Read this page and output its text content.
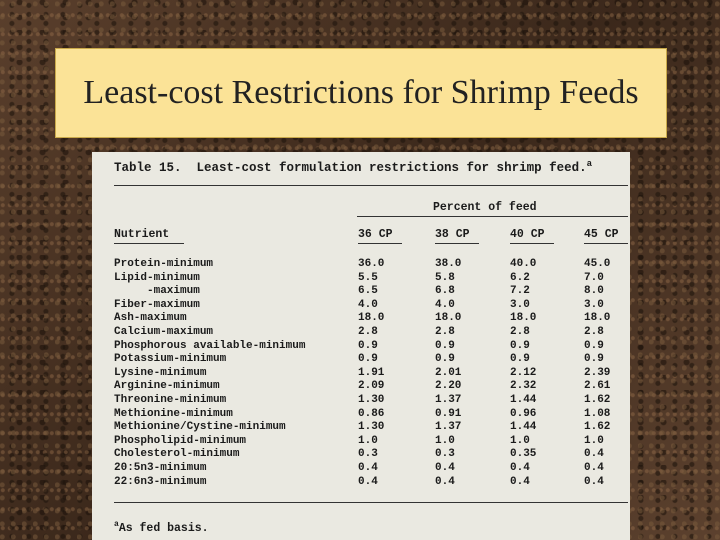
Least-cost Restrictions for Shrimp Feeds
Table 15.  Least-cost formulation restrictions for shrimp feed.$^a$
Percent of feed
Nutrient	36 CP	38 CP	40 CP	45 CP
Protein-minimum	36.0	38.0	40.0	45.0
Lipid-minimum	5.5	5.8	6.2	7.0
-maximum	6.5	6.8	7.2	8.0
Fiber-maximum	4.0	4.0	3.0	3.0
Ash-maximum	18.0	18.0	18.0	18.0
Calcium-maximum	2.8	2.8	2.8	2.8
Phosphorous available-minimum	0.9	0.9	0.9	0.9
Potassium-minimum	0.9	0.9	0.9	0.9
Lysine-minimum	1.91	2.01	2.12	2.39
Arginine-minimum	2.09	2.20	2.32	2.61
Threonine-minimum	1.30	1.37	1.44	1.62
Methionine-minimum	0.86	0.91	0.96	1.08
Methionine/Cystine-minimum	1.30	1.37	1.44	1.62
Phospholipid-minimum	1.0	1.0	1.0	1.0
Cholesterol-minimum	0.3	0.3	0.35	0.4
20:5n3-minimum	0.4	0.4	0.4	0.4
22:6n3-minimum	0.4	0.4	0.4	0.4
$^a$As fed basis.
